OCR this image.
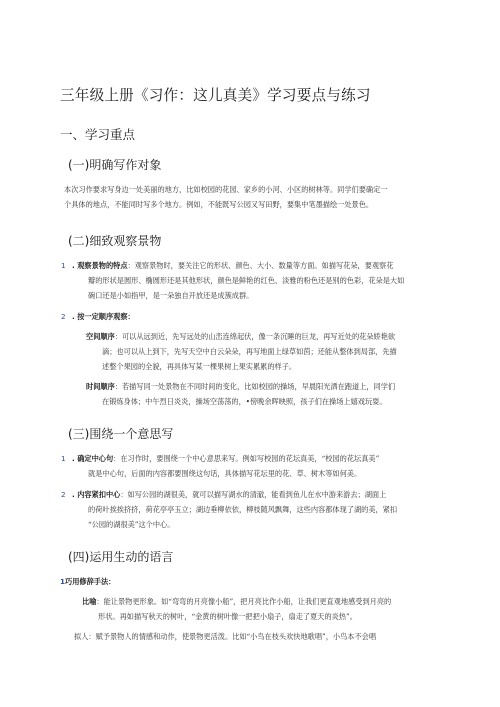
三年级上册《习作：这儿真美》学习要点与练习
一、学习重点
(一)明确写作对象
本次习作要求写身边一处美丽的地方，比如校园的花园、家乡的小河、小区的树林等。同学们要确定一
个具体的地点，不能同时写多个地方。例如，不能既写公园又写田野，要集中笔墨描绘一处景色。
(二)细致观察景物
1 . 观察景物的特点：观察景物时，要关注它的形状、颜色、大小、数量等方面。如描写花朵，要观察花
瓣的形状是圆形、椭圆形还是其他形状，颜色是鲜艳的红色、淡雅的粉色还是别的色彩，花朵是大如
碗口还是小如指甲，是一朵独自开放还是成簇成群。
2 . 按一定顺序观察：
空间顺序：可以从远到近，先写远处的山峦连绵起伏，像一条沉睡的巨龙，再写近处的花朵娇艳欲
滴；也可以从上到下，先写天空中白云朵朵，再写地面上绿草如茵；还能从整体到局部，先描
述整个果园的全貌，再具体写某一棵果树上果实累累的样子。
时间顺序：若描写同一处景物在不同时间的变化，比如校园的操场，早晨阳光洒在跑道上，同学们
在锻炼身体；中午烈日炎炎，操场空荡荡的，•傍晚余晖映照，孩子们在操场上嬉戏玩耍。
(三)围绕一个意思写
1 . 确定中心句：在习作时，要围绕一个中心意思来写。例如写校园的花坛真美，“校园的花坛真美”
就是中心句，后面的内容都要围绕这句话，具体描写花坛里的花、草、树木等如何美。
2 . 内容紧扣中心：如写公园的湖很美，就可以描写湖水的清澈，能看到鱼儿在水中游来游去；湖面上
的荷叶挨挨挤挤，荷花亭亭玉立；湖边垂柳依依，柳枝随风飘舞，这些内容都体现了湖的美，紧扣
“公园的湖很美”这个中心。
(四)运用生动的语言
1巧用修辞手法：
比喻：能让景物更形象。如“弯弯的月亮像小船”，把月亮比作小船，让我们更直观地感受到月亮的
形状。再如描写秋天的树叶，“金黄的树叶像一把把小扇子，扇走了夏天的炎热”。
拟人：赋予景物人的情感和动作，使景物更活泼。比如“小鸟在枝头欢快地歌唱”，小鸟本不会唱
